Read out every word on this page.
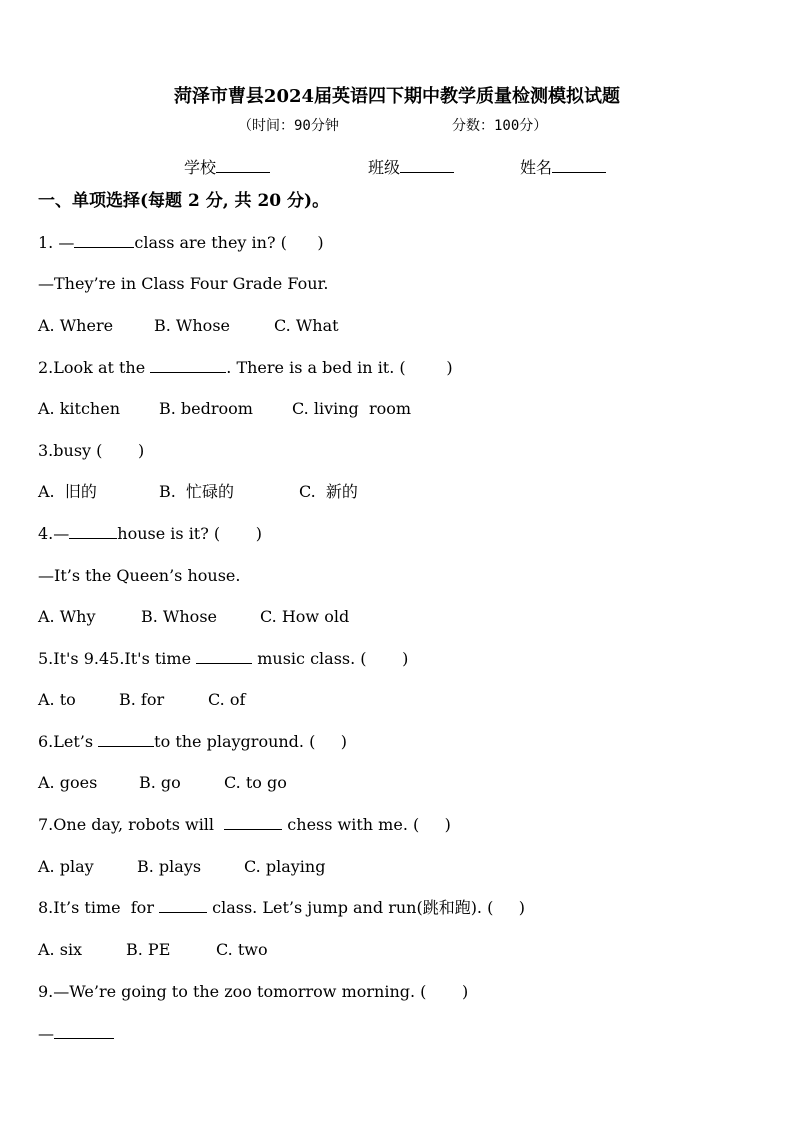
菏泽市曹县2024届英语四下期中教学质量检测模拟试题
（时间：90分钟	分数：100分）
学校	班级	姓名
一、单项选择(每题 2 分, 共 20 分)。
1. —	class are they in? (      )
—They’re in Class Four Grade Four.

A. Where

	B. Whose

	C. What

2.Look at the	. There is a bed in it. (        )

A. kitchen

B. bedroom

C. living  room

3.busy (       )

A.  旧的

	B.  忙碌的

	C.  新的

4.—	house is it? (       )
—It’s the Queen’s house.

A. Why

	B. Whose

	C. How old

5.It's 9.45.It's time	music class. (       )

A. to

	B. for

	C. of

6.Let’s	to the playground. (     )

A. goes

	B. go

	C. to go

7.One day, robots will	chess with me. (     )

A. play

	B. plays

	C. playing

8.It’s time  for	class. Let’s jump and run(跳和跑). (     )

A. six

	B. PE

	C. two

9.—We’re going to the zoo tomorrow morning. (       )
—
